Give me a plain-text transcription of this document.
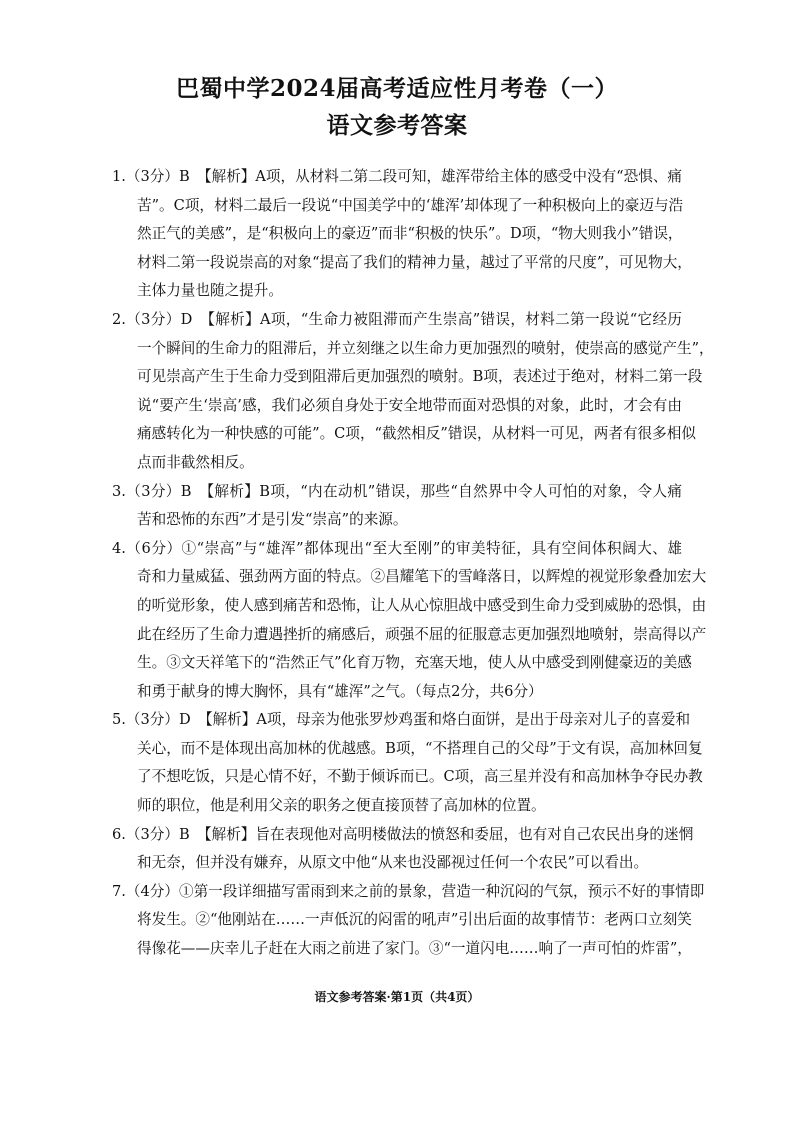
巴蜀中学2024届高考适应性月考卷（一）
语文参考答案
1.（3分）B　【解析】A项，从材料二第二段可知，雄浑带给主体的感受中没有“恐惧、痛
苦”。C项，材料二最后一段说“中国美学中的‘雄浑’却体现了一种积极向上的豪迈与浩
然正气的美感”，是“积极向上的豪迈”而非“积极的快乐”。D项，“物大则我小”错误，
材料二第一段说崇高的对象“提高了我们的精神力量，越过了平常的尺度”，可见物大，
主体力量也随之提升。
2.（3分）D　【解析】A项，“生命力被阻滞而产生崇高”错误，材料二第一段说“它经历
一个瞬间的生命力的阻滞后，并立刻继之以生命力更加强烈的喷射，使崇高的感觉产生”，
可见崇高产生于生命力受到阻滞后更加强烈的喷射。B项，表述过于绝对，材料二第一段
说“要产生‘崇高’感，我们必须自身处于安全地带而面对恐惧的对象，此时，才会有由
痛感转化为一种快感的可能”。C项，“截然相反”错误，从材料一可见，两者有很多相似
点而非截然相反。
3.（3分）B　【解析】B项，“内在动机”错误，那些“自然界中令人可怕的对象，令人痛
苦和恐怖的东西”才是引发“崇高”的来源。
4.（6分）①“崇高”与“雄浑”都体现出“至大至刚”的审美特征，具有空间体积阔大、雄
奇和力量威猛、强劲两方面的特点。②昌耀笔下的雪峰落日，以辉煌的视觉形象叠加宏大
的听觉形象，使人感到痛苦和恐怖，让人从心惊胆战中感受到生命力受到威胁的恐惧，由
此在经历了生命力遭遇挫折的痛感后，顽强不屈的征服意志更加强烈地喷射，崇高得以产
生。③文天祥笔下的“浩然正气”化育万物，充塞天地，使人从中感受到刚健豪迈的美感
和勇于献身的博大胸怀，具有“雄浑”之气。（每点2分，共6分）
5.（3分）D　【解析】A项，母亲为他张罗炒鸡蛋和烙白面饼，是出于母亲对儿子的喜爱和
关心，而不是体现出高加林的优越感。B项，“不搭理自己的父母”于文有误，高加林回复
了不想吃饭，只是心情不好，不勤于倾诉而已。C项，高三星并没有和高加林争夺民办教
师的职位，他是利用父亲的职务之便直接顶替了高加林的位置。
6.（3分）B　【解析】旨在表现他对高明楼做法的愤怒和委屈，也有对自己农民出身的迷惘
和无奈，但并没有嫌弃，从原文中他“从来也没鄙视过任何一个农民”可以看出。
7.（4分）①第一段详细描写雷雨到来之前的景象，营造一种沉闷的气氛，预示不好的事情即
将发生。②“他刚站在……一声低沉的闷雷的吼声”引出后面的故事情节：老两口立刻笑
得像花——庆幸儿子赶在大雨之前进了家门。③“一道闪电……响了一声可怕的炸雷”，
语文参考答案·第1页（共4页）
